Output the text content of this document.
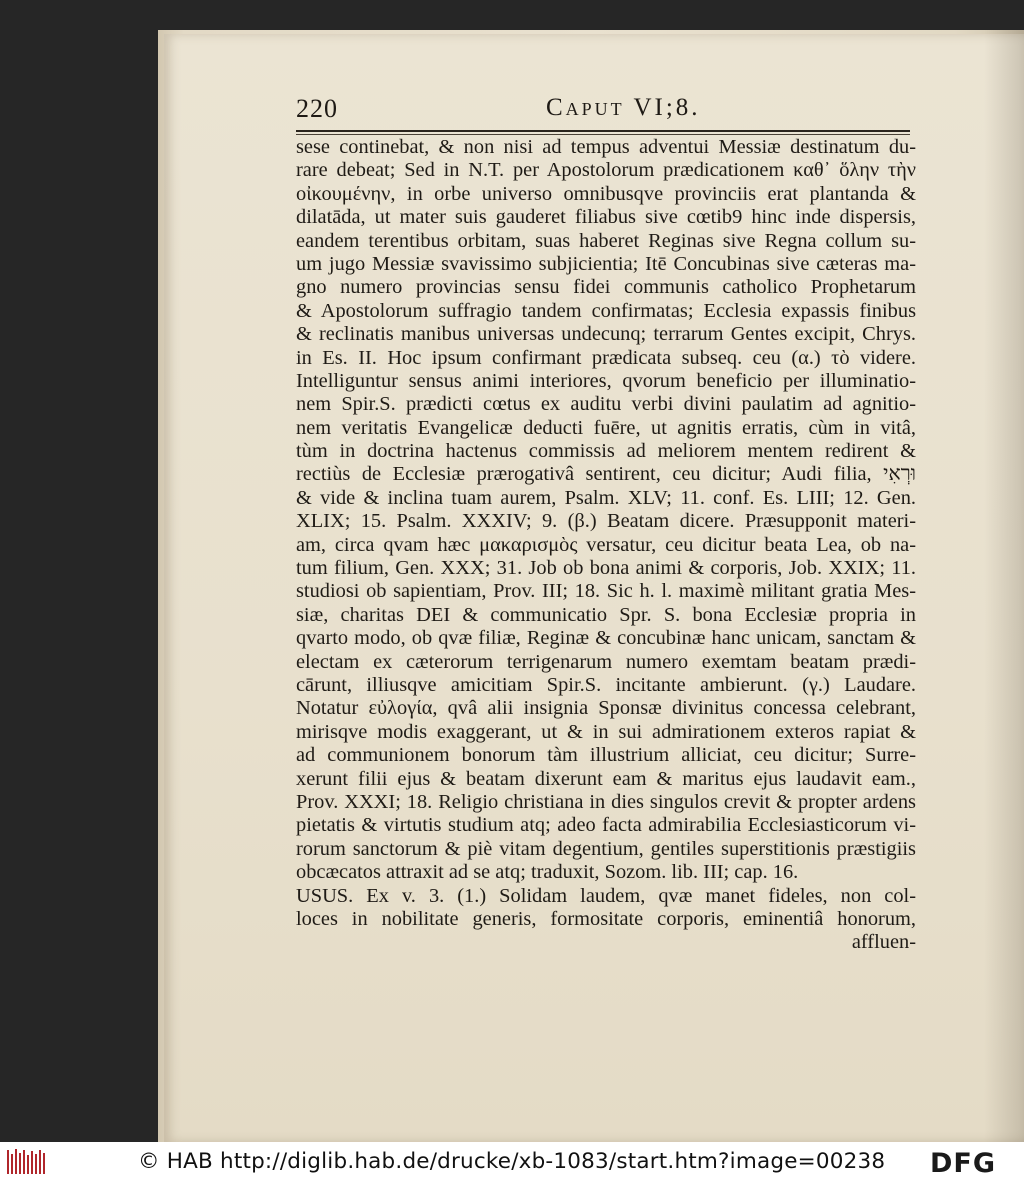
220	Caput VI;8.
sese continebat, & non nisi ad tempus adventui Messiæ destinatum du-
rare debeat; Sed in N.T. per Apostolorum prædicationem καθ᾽ ὅλην τὴν
οἰκουμένην, in orbe universo omnibusqve provinciis erat plantanda &
dilatāda, ut mater suis gauderet filiabus sive cœtib9 hinc inde dispersis,
eandem terentibus orbitam, suas haberet Reginas sive Regna collum su-
um jugo Messiæ svavissimo subjicientia; Itē Concubinas sive cæteras ma-
gno numero provincias sensu fidei communis catholico Prophetarum
& Apostolorum suffragio tandem confirmatas; Ecclesia expassis finibus
& reclinatis manibus universas undecunq; terrarum Gentes excipit, Chrys.
in Es. II. Hoc ipsum confirmant prædicata subseq. ceu (α.) τὸ videre.
Intelliguntur sensus animi interiores, qvorum beneficio per illuminatio-
nem Spir.S. prædicti cœtus ex auditu verbi divini paulatim ad agnitio-
nem veritatis Evangelicæ deducti fuēre, ut agnitis erratis, cùm in vitâ,
tùm in doctrina hactenus commissis ad meliorem mentem redirent &
rectiùs de Ecclesiæ prærogativâ sentirent, ceu dicitur; Audi filia, וּרְאִי
& vide & inclina tuam aurem, Psalm. XLV; 11. conf. Es. LIII; 12. Gen.
XLIX; 15. Psalm. XXXIV; 9. (β.) Beatam dicere. Præsupponit materi-
am, circa qvam hæc μακαρισμὸς versatur, ceu dicitur beata Lea, ob na-
tum filium, Gen. XXX; 31. Job ob bona animi & corporis, Job. XXIX; 11.
studiosi ob sapientiam, Prov. III; 18. Sic h. l. maximè militant gratia Mes-
siæ, charitas DEI & communicatio Spr. S. bona Ecclesiæ propria in
qvarto modo, ob qvæ filiæ, Reginæ & concubinæ hanc unicam, sanctam &
electam ex cæterorum terrigenarum numero exemtam beatam prædi-
cārunt, illiusqve amicitiam Spir.S. incitante ambierunt. (γ.) Laudare.
Notatur εὐλογία, qvâ alii insignia Sponsæ divinitus concessa celebrant,
mirisqve modis exaggerant, ut & in sui admirationem exteros rapiat &
ad communionem bonorum tàm illustrium alliciat, ceu dicitur; Surre-
xerunt filii ejus & beatam dixerunt eam & maritus ejus laudavit eam.,
Prov. XXXI; 18. Religio christiana in dies singulos crevit & propter ardens
pietatis & virtutis studium atq; adeo facta admirabilia Ecclesiasticorum vi-
rorum sanctorum & piè vitam degentium, gentiles superstitionis præstigiis
obcæcatos attraxit ad se atq; traduxit, Sozom. lib. III; cap. 16.
USUS. Ex v. 3. (1.) Solidam laudem, qvæ manet fideles, non col-
loces in nobilitate generis, formositate corporis, eminentiâ honorum,
affluen-
© HAB http://diglib.hab.de/drucke/xb-1083/start.htm?image=00238 DFG
